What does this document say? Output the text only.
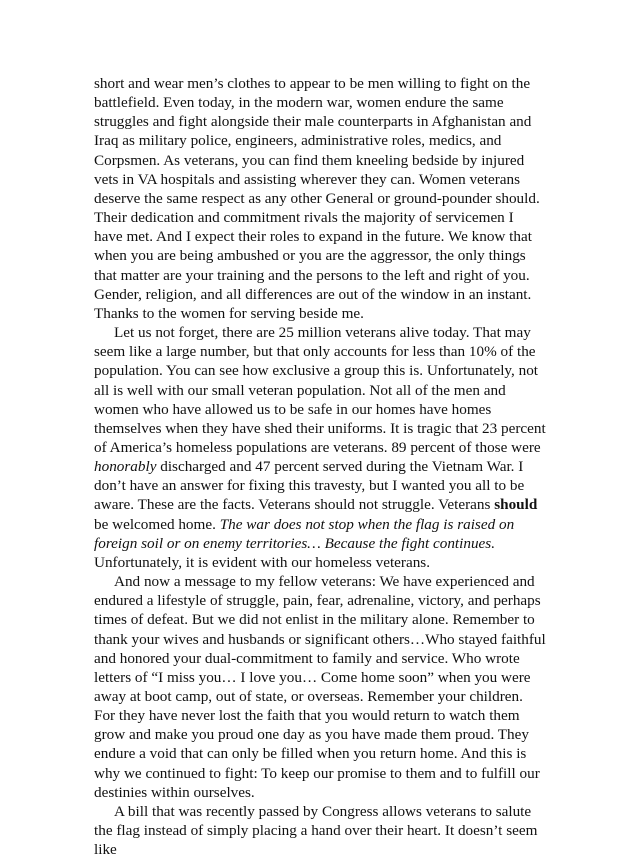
short and wear men’s clothes to appear to be men willing to fight on the battlefield. Even today, in the modern war, women endure the same struggles and fight alongside their male counterparts in Afghanistan and Iraq as military police, engineers, administrative roles, medics, and Corpsmen. As veterans, you can find them kneeling bedside by injured vets in VA hospitals and assisting wherever they can. Women veterans deserve the same respect as any other General or ground-pounder should. Their dedication and commitment rivals the majority of servicemen I have met. And I expect their roles to expand in the future. We know that when you are being ambushed or you are the aggressor, the only things that matter are your training and the persons to the left and right of you. Gender, religion, and all differences are out of the window in an instant. Thanks to the women for serving beside me.

Let us not forget, there are 25 million veterans alive today. That may seem like a large number, but that only accounts for less than 10% of the population. You can see how exclusive a group this is. Unfortunately, not all is well with our small veteran population. Not all of the men and women who have allowed us to be safe in our homes have homes themselves when they have shed their uniforms. It is tragic that 23 percent of America’s homeless populations are veterans. 89 percent of those were honorably discharged and 47 percent served during the Vietnam War. I don’t have an answer for fixing this travesty, but I wanted you all to be aware. These are the facts. Veterans should not struggle. Veterans should be welcomed home. The war does not stop when the flag is raised on foreign soil or on enemy territories… Because the fight continues. Unfortunately, it is evident with our homeless veterans.

And now a message to my fellow veterans: We have experienced and endured a lifestyle of struggle, pain, fear, adrenaline, victory, and perhaps times of defeat. But we did not enlist in the military alone. Remember to thank your wives and husbands or significant others…Who stayed faithful and honored your dual-commitment to family and service. Who wrote letters of “I miss you… I love you… Come home soon” when you were away at boot camp, out of state, or overseas. Remember your children. For they have never lost the faith that you would return to watch them grow and make you proud one day as you have made them proud. They endure a void that can only be filled when you return home. And this is why we continued to fight: To keep our promise to them and to fulfill our destinies within ourselves.

A bill that was recently passed by Congress allows veterans to salute the flag instead of simply placing a hand over their heart. It doesn’t seem like
